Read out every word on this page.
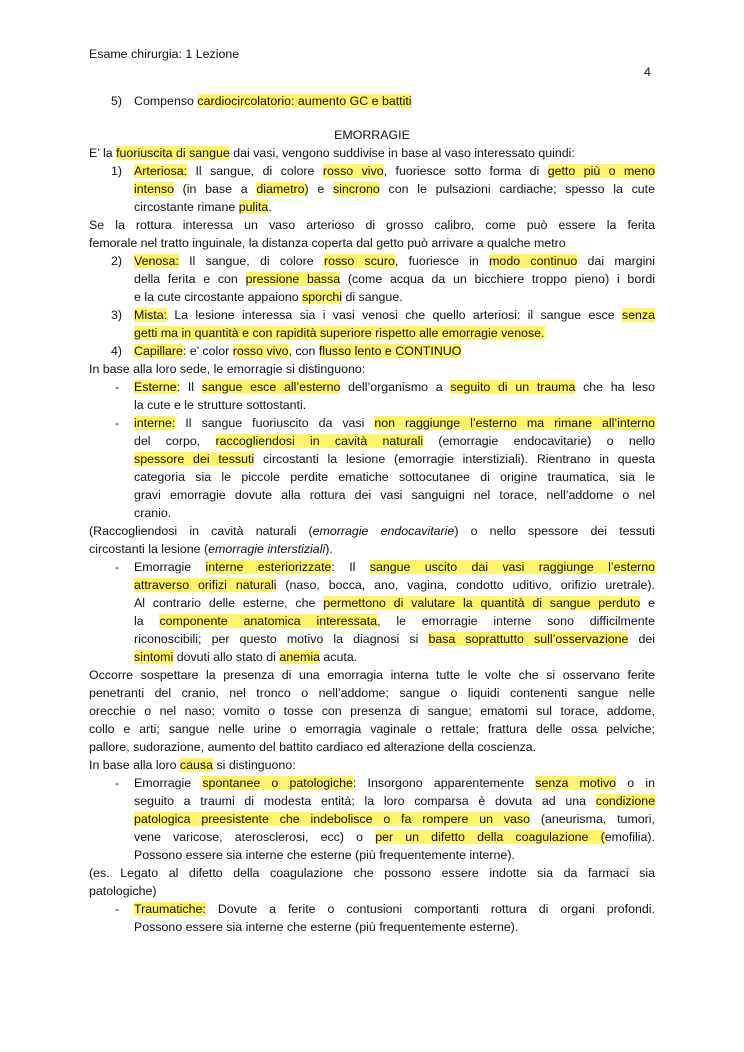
Esame chirurgia: 1 Lezione
4
5) Compenso cardiocircolatorio: aumento GC e battiti
EMORRAGIE
E’ la fuoriuscita di sangue dai vasi, vengono suddivise in base al vaso interessato quindi:
1) Arteriosa: Il sangue, di colore rosso vivo, fuoriesce sotto forma di getto più o meno
intenso (in base a diametro) e sincrono con le pulsazioni cardiache; spesso la cute
circostante rimane pulita.
Se la rottura interessa un vaso arterioso di grosso calibro, come può essere la ferita
femorale nel tratto inguinale, la distanza coperta dal getto può arrivare a qualche metro
2) Venosa: Il sangue, di colore rosso scuro, fuoriesce in modo continuo dai margini
della ferita e con pressione bassa (come acqua da un bicchiere troppo pieno) i bordi
e la cute circostante appaiono sporchi di sangue.
3) Mista: La lesione interessa sia i vasi venosi che quello arteriosi: il sangue esce senza
getti ma in quantità e con rapidità superiore rispetto alle emorragie venose.
4) Capillare: e’ color rosso vivo, con flusso lento e CONTINUO
In base alla loro sede, le emorragie si distinguono:
- Esterne: Il sangue esce all’esterno dell’organismo a seguito di un trauma che ha leso
la cute e le strutture sottostanti.
- interne: Il sangue fuoriuscito da vasi non raggiunge l’esterno ma rimane all’interno
del corpo, raccogliendosi in cavità naturali (emorragie endocavitarie) o nello
spessore dei tessuti circostanti la lesione (emorragie interstiziali). Rientrano in questa
categoria sia le piccole perdite ematiche sottocutanee di origine traumatica, sia le
gravi emorragie dovute alla rottura dei vasi sanguigni nel torace, nell’addome o nel
cranio.
(Raccogliendosi in cavità naturali (emorragie endocavitarie) o nello spessore dei tessuti
circostanti la lesione (emorragie interstiziali).
- Emorragie interne esteriorizzate: Il sangue uscito dai vasi raggiunge l’esterno
attraverso orifizi naturali (naso, bocca, ano, vagina, condotto uditivo, orifizio uretrale).
Al contrario delle esterne, che permettono di valutare la quantità di sangue perduto e
la componente anatomica interessata, le emorragie interne sono difficilmente
riconoscibili; per questo motivo la diagnosi si basa soprattutto sull’osservazione dei
sintomi dovuti allo stato di anemia acuta.
Occorre sospettare la presenza di una emorragia interna tutte le volte che si osservano ferite
penetranti del cranio, nel tronco o nell’addome; sangue o liquidi contenenti sangue nelle
orecchie o nel naso; vomito o tosse con presenza di sangue; ematomi sul torace, addome,
collo e arti; sangue nelle urine o emorragia vaginale o rettale; frattura delle ossa pelviche;
pallore, sudorazione, aumento del battito cardiaco ed alterazione della coscienza.
In base alla loro causa si distinguono:
- Emorragie spontanee o patologiche: Insorgono apparentemente senza motivo o in
seguito a traumi di modesta entità; la loro comparsa è dovuta ad una condizione
patologica preesistente che indebolisce o fa rompere un vaso (aneurisma, tumori,
vene varicose, aterosclerosi, ecc) o per un difetto della coagulazione (emofilia).
Possono essere sia interne che esterne (più frequentemente interne).
(es. Legato al difetto della coagulazione che possono essere indotte sia da farmaci sia
patologiche)
- Traumatiche: Dovute a ferite o contusioni comportanti rottura di organi profondi.
Possono essere sia interne che esterne (più frequentemente esterne).
